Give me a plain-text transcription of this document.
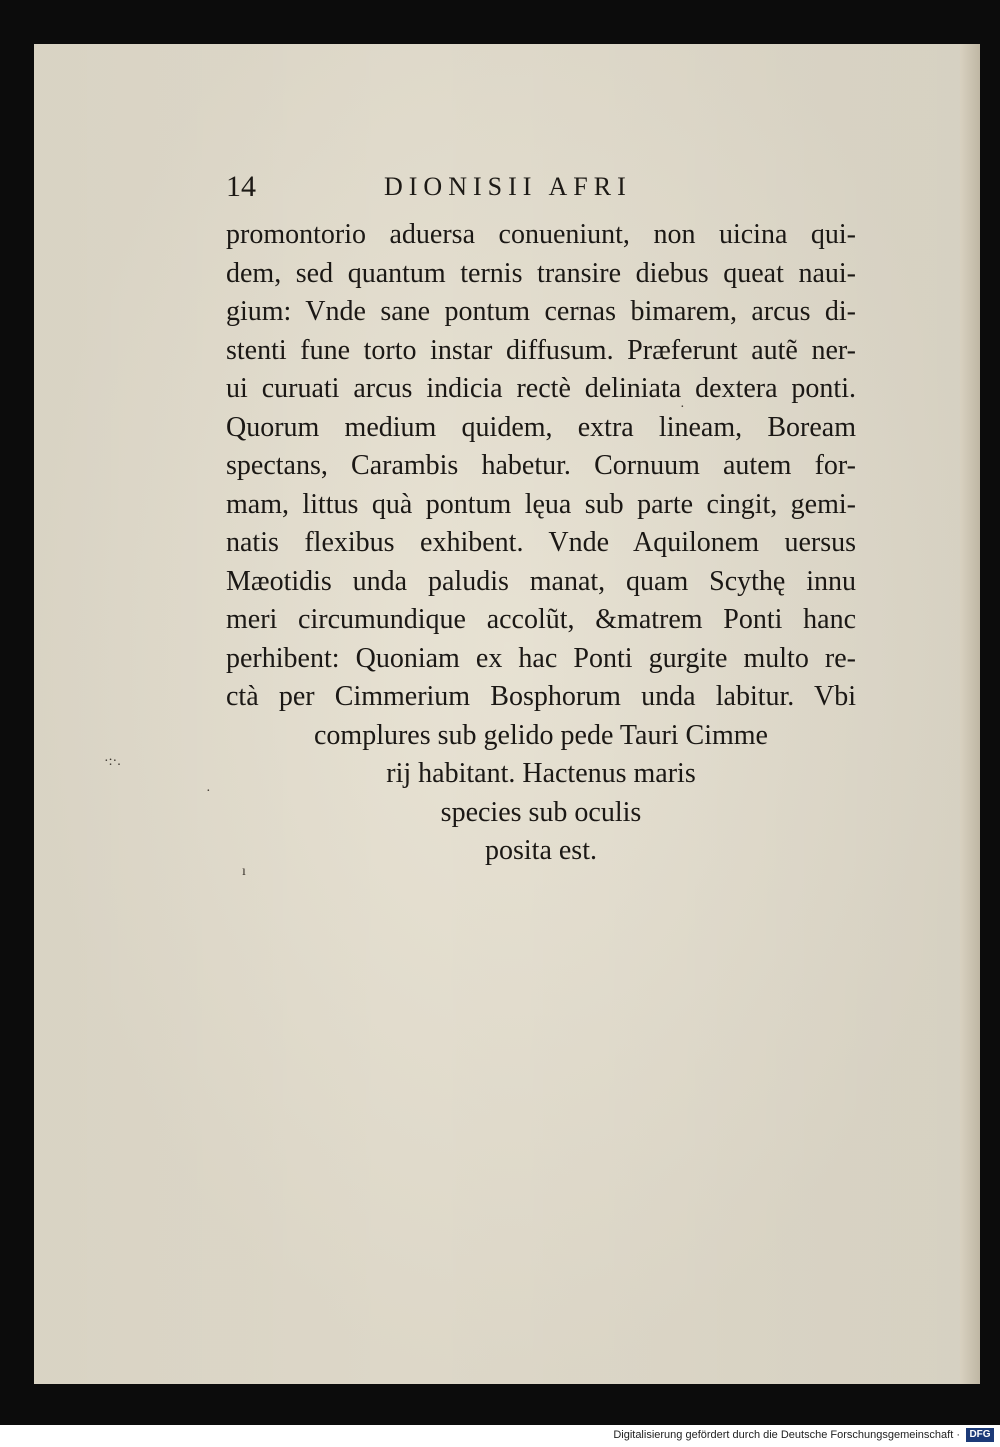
·:·.
·
ı
·
14	DIONISII AFRI
promontorio aduersa conueniunt, non uicina qui-
dem, sed quantum ternis transire diebus queat naui-
gium: Vnde sane pontum cernas bimarem, arcus di-
stenti fune torto instar diffusum. Præferunt autẽ ner-
ui curuati arcus indicia rectè deliniata dextera ponti.
Quorum medium quidem, extra lineam, Boream
spectans, Carambis habetur. Cornuum autem for-
mam, littus quà pontum lęua sub parte cingit, gemi-
natis flexibus exhibent. Vnde Aquilonem uersus
Mæotidis unda paludis manat, quam Scythę innu
meri circumundique accolũt, &matrem Ponti hanc
perhibent: Quoniam ex hac Ponti gurgite multo re-
ctà per Cimmerium Bosphorum unda labitur. Vbi
complures sub gelido pede Tauri Cimme
rij habitant. Hactenus maris
species sub oculis
posita est.
Digitalisierung gefördert durch die Deutsche Forschungsgemeinschaft · DFG
